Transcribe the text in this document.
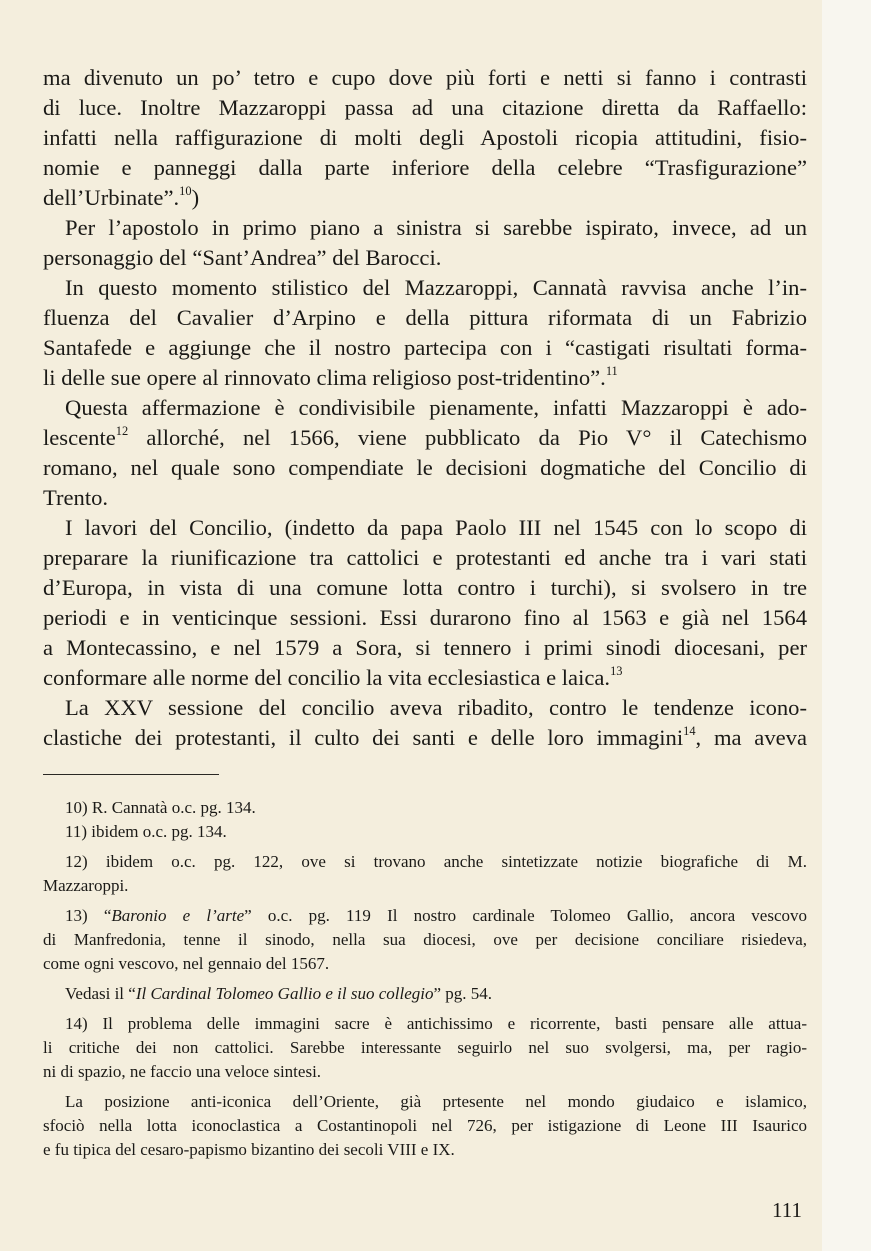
ma divenuto un po’ tetro e cupo dove più forti e netti si fanno i contrasti
di luce. Inoltre Mazzaroppi passa ad una citazione diretta da Raffaello:
infatti nella raffigurazione di molti degli Apostoli ricopia attitudini, fisio-
nomie e panneggi dalla parte inferiore della celebre “Trasfigurazione”
dell’Urbinate”.$^{10}$)
Per l’apostolo in primo piano a sinistra si sarebbe ispirato, invece, ad un
personaggio del “Sant’Andrea” del Barocci.
In questo momento stilistico del Mazzaroppi, Cannatà ravvisa anche l’in-
fluenza del Cavalier d’Arpino e della pittura riformata di un Fabrizio
Santafede e aggiunge che il nostro partecipa con i “castigati risultati forma-
li delle sue opere al rinnovato clima religioso post-tridentino”.$^{11}$
Questa affermazione è condivisibile pienamente, infatti Mazzaroppi è ado-
lescente$^{12}$ allorché, nel 1566, viene pubblicato da Pio V° il Catechismo
romano, nel quale sono compendiate le decisioni dogmatiche del Concilio di
Trento.
I lavori del Concilio, (indetto da papa Paolo III nel 1545 con lo scopo di
preparare la riunificazione tra cattolici e protestanti ed anche tra i vari stati
d’Europa, in vista di una comune lotta contro i turchi), si svolsero in tre
periodi e in venticinque sessioni. Essi durarono fino al 1563 e già nel 1564
a Montecassino, e nel 1579 a Sora, si tennero i primi sinodi diocesani, per
conformare alle norme del concilio la vita ecclesiastica e laica.$^{13}$
La XXV sessione del concilio aveva ribadito, contro le tendenze icono-
clastiche dei protestanti, il culto dei santi e delle loro immagini$^{14}$, ma aveva
10) R. Cannatà o.c. pg. 134.
11) ibidem o.c. pg. 134.
12) ibidem o.c. pg. 122, ove si trovano anche sintetizzate notizie biografiche di M.
Mazzaroppi.
13) “Baronio e l’arte” o.c. pg. 119 Il nostro cardinale Tolomeo Gallio, ancora vescovo
di Manfredonia, tenne il sinodo, nella sua diocesi, ove per decisione conciliare risiedeva,
come ogni vescovo, nel gennaio del 1567.
Vedasi il “Il Cardinal Tolomeo Gallio e il suo collegio” pg. 54.
14) Il problema delle immagini sacre è antichissimo e ricorrente, basti pensare alle attua-
li critiche dei non cattolici. Sarebbe interessante seguirlo nel suo svolgersi, ma, per ragio-
ni di spazio, ne faccio una veloce sintesi.
La posizione anti-iconica dell’Oriente, già prtesente nel mondo giudaico e islamico,
sfociò nella lotta iconoclastica a Costantinopoli nel 726, per istigazione di Leone III Isaurico
e fu tipica del cesaro-papismo bizantino dei secoli VIII e IX.
111
